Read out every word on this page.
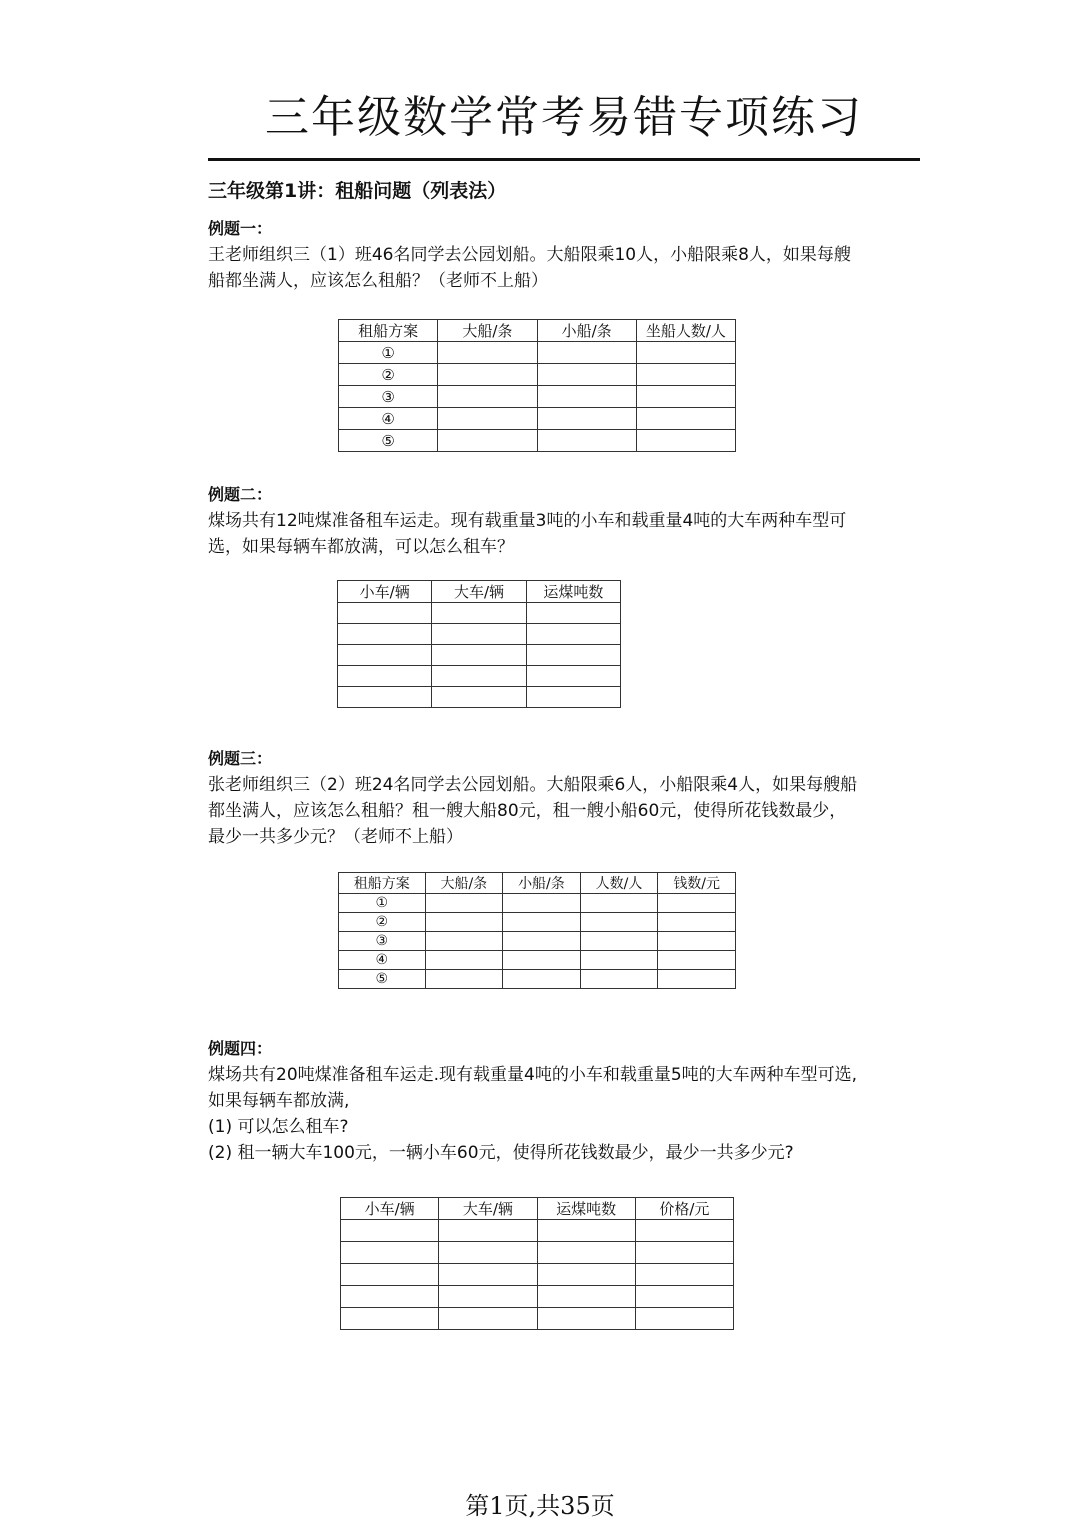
三年级数学常考易错专项练习
三年级第1讲：租船问题（列表法）
例题一：

王老师组织三（1）班46名同学去公园划船。大船限乘10人，小船限乘8人，如果每艘

船都坐满人，应该怎么租船？（老师不上船）

租船方案	大船/条	小船/条	坐船人数/人
①			
②			
③			
④			
⑤			
例题二：

煤场共有12吨煤准备租车运走。现有载重量3吨的小车和载重量4吨的大车两种车型可

选，如果每辆车都放满，可以怎么租车？

小车/辆	大车/辆	运煤吨数

例题三：

张老师组织三（2）班24名同学去公园划船。大船限乘6人，小船限乘4人，如果每艘船

都坐满人，应该怎么租船？租一艘大船80元，租一艘小船60元，使得所花钱数最少，

最少一共多少元？（老师不上船）

租船方案	大船/条	小船/条	人数/人	钱数/元
①				
②				
③				
④				
⑤				
例题四：

煤场共有20吨煤准备租车运走.现有载重量4吨的小车和载重量5吨的大车两种车型可选,

如果每辆车都放满,

(1) 可以怎么租车?

(2) 租一辆大车100元，一辆小车60元，使得所花钱数最少，最少一共多少元?

小车/辆	大车/辆	运煤吨数	价格/元

第1页,共35页
